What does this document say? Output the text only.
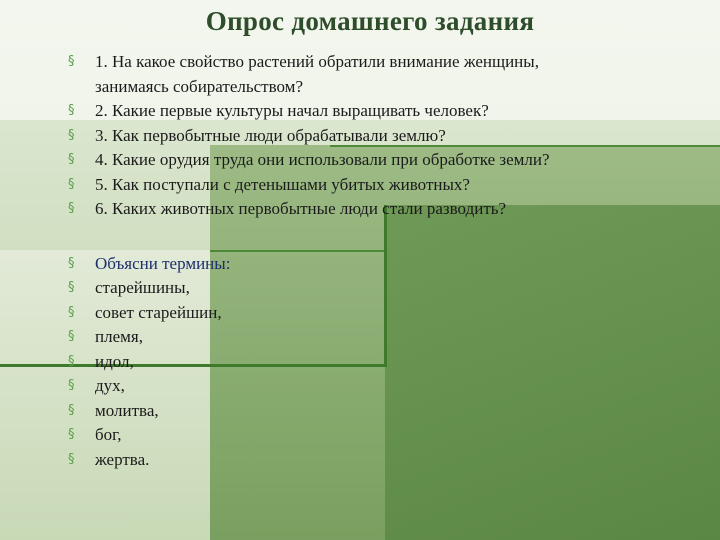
Опрос домашнего задания
§ 1. На какое свойство растений обратили внимание женщины,
занимаясь собирательством?
§ 2. Какие первые культуры начал выращивать человек?
§ 3. Как первобытные люди обрабатывали землю?
§ 4. Какие орудия труда они использовали при обработке земли?
§ 5. Как поступали с детенышами убитых животных?
§ 6. Каких животных первобытные люди стали разводить?
§ Объясни термины:
§ старейшины,
§ совет старейшин,
§ племя,
§ идол,
§ дух,
§ молитва,
§ бог,
§ жертва.
